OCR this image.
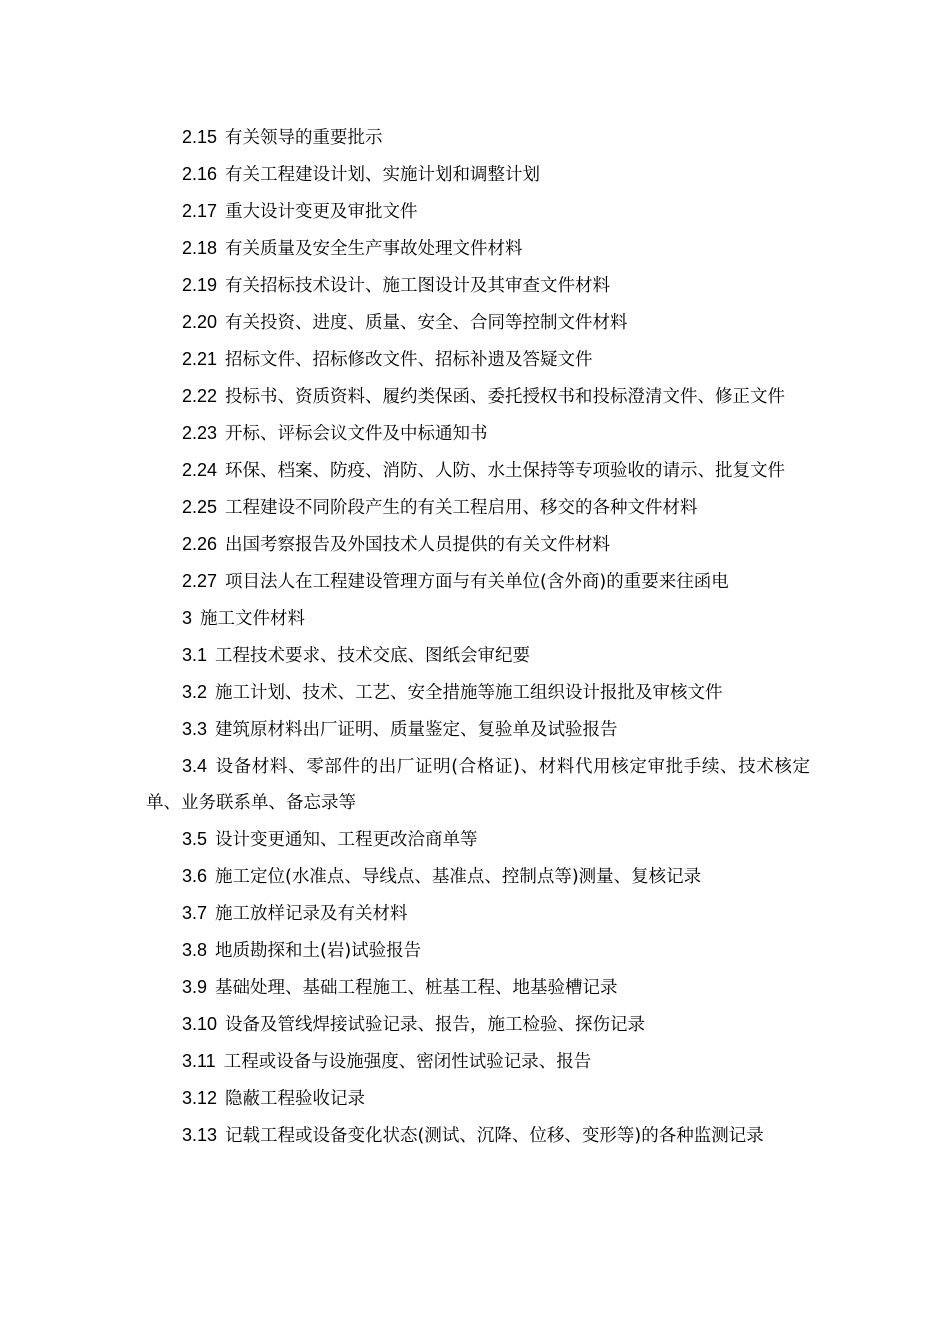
2.15 有关领导的重要批示
2.16 有关工程建设计划、实施计划和调整计划
2.17 重大设计变更及审批文件
2.18 有关质量及安全生产事故处理文件材料
2.19 有关招标技术设计、施工图设计及其审查文件材料
2.20 有关投资、进度、质量、安全、合同等控制文件材料
2.21 招标文件、招标修改文件、招标补遗及答疑文件
2.22 投标书、资质资料、履约类保函、委托授权书和投标澄清文件、修正文件
2.23 开标、评标会议文件及中标通知书
2.24 环保、档案、防疫、消防、人防、水土保持等专项验收的请示、批复文件
2.25 工程建设不同阶段产生的有关工程启用、移交的各种文件材料
2.26 出国考察报告及外国技术人员提供的有关文件材料
2.27 项目法人在工程建设管理方面与有关单位(含外商)的重要来往函电
3 施工文件材料
3.1 工程技术要求、技术交底、图纸会审纪要
3.2 施工计划、技术、工艺、安全措施等施工组织设计报批及审核文件
3.3 建筑原材料出厂证明、质量鉴定、复验单及试验报告
3.4 设备材料、零部件的出厂证明(合格证)、材料代用核定审批手续、技术核定单、业务联系单、备忘录等
3.5 设计变更通知、工程更改洽商单等
3.6 施工定位(水准点、导线点、基准点、控制点等)测量、复核记录
3.7 施工放样记录及有关材料
3.8 地质勘探和土(岩)试验报告
3.9 基础处理、基础工程施工、桩基工程、地基验槽记录
3.10 设备及管线焊接试验记录、报告，施工检验、探伤记录
3.11 工程或设备与设施强度、密闭性试验记录、报告
3.12 隐蔽工程验收记录
3.13 记载工程或设备变化状态(测试、沉降、位移、变形等)的各种监测记录
